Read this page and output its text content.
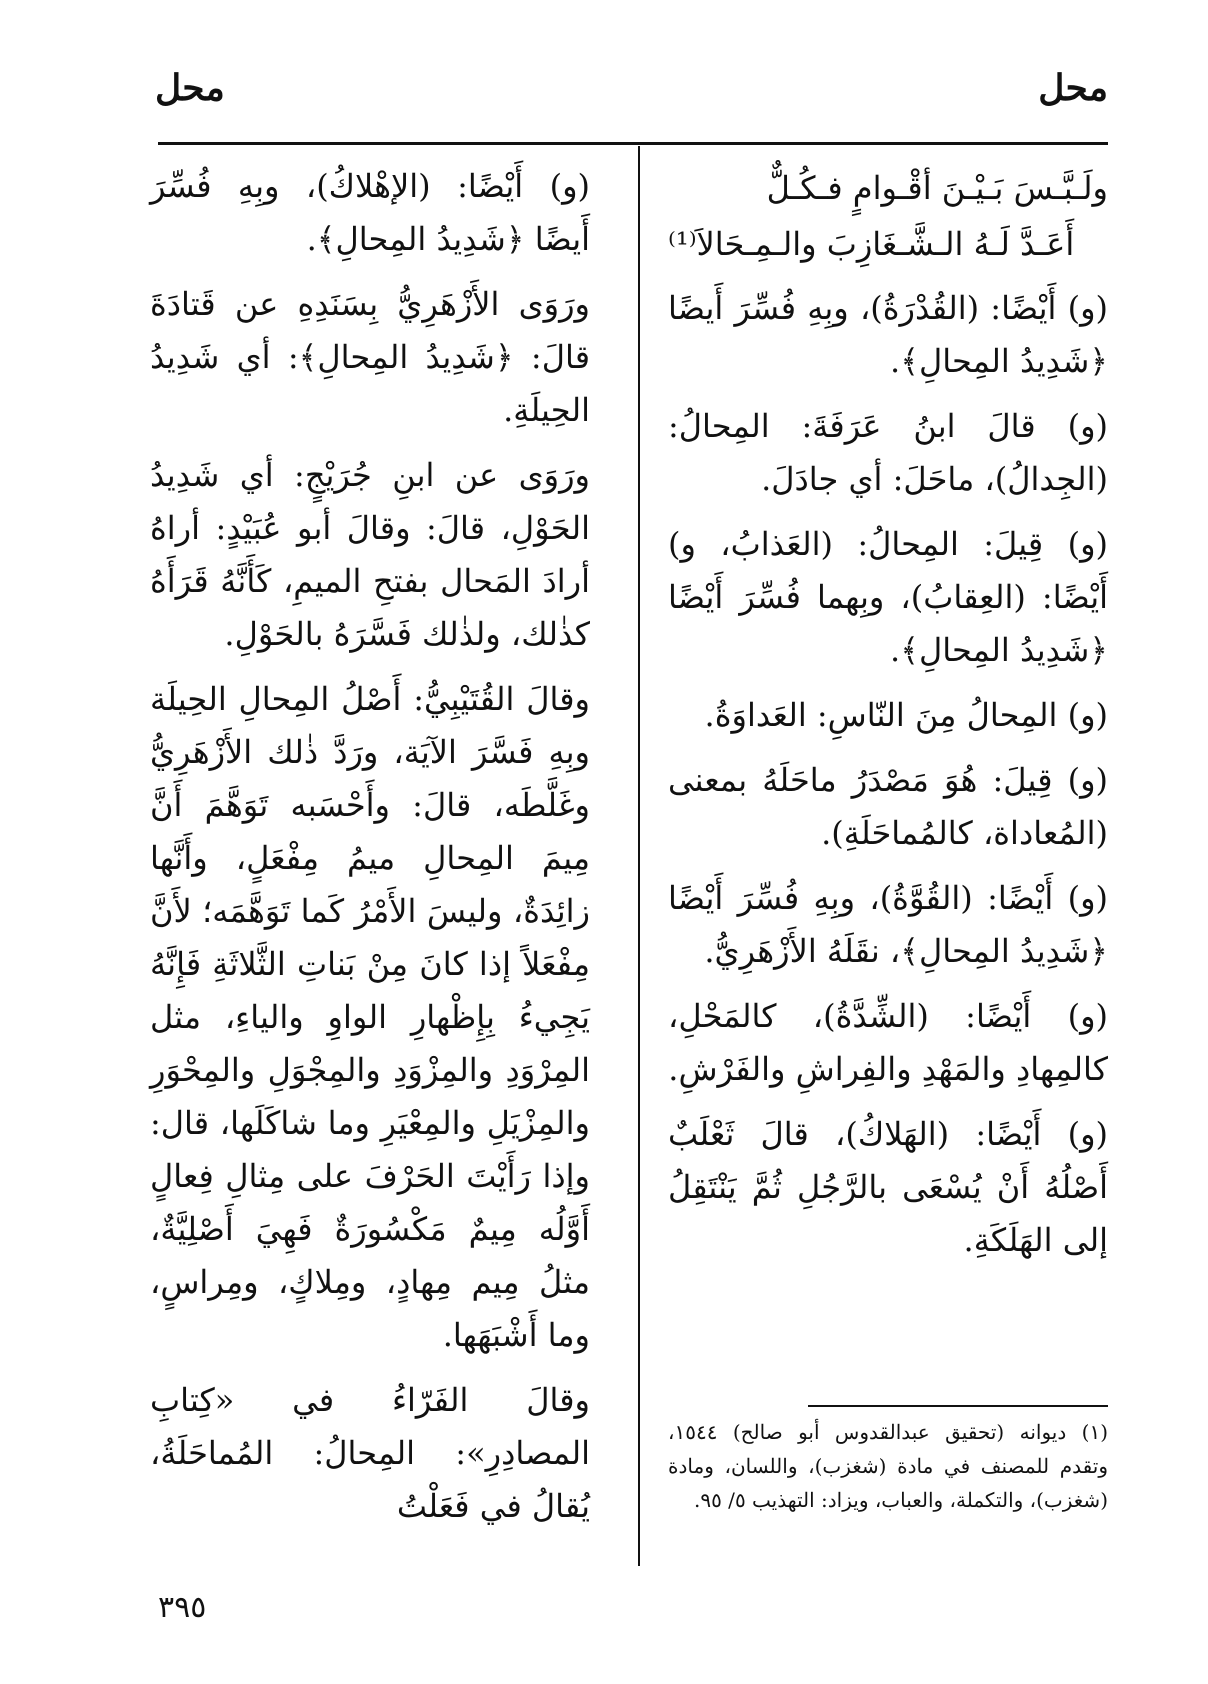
محل
محل
ولَـبَّـسَ بَـيْـنَ أقْـوامٍ فـكُـلٌّ
أَعَـدَّ لَـهُ الـشَّـغَازِبَ والـمِـحَالاَ⁽¹⁾

(و) أَيْضًا: (القُدْرَةُ)، وبِهِ فُسِّرَ أَيضًا ﴿شَدِيدُ المِحالِ﴾.

(و) قالَ ابنُ عَرَفَةَ: المِحالُ: (الجِدالُ)، ماحَلَ: أي جادَلَ.

(و) قِيلَ: المِحالُ: (العَذابُ، و) أَيْضًا: (العِقابُ)، وبِهما فُسِّرَ أَيْضًا ﴿شَدِيدُ المِحالِ﴾.

(و) المِحالُ مِنَ النّاسِ: العَداوَةُ.

(و) قِيلَ: هُوَ مَصْدَرُ ماحَلَهُ بمعنى (المُعاداة، كالمُماحَلَةِ).

(و) أَيْضًا: (القُوَّةُ)، وبِهِ فُسِّرَ أَيْضًا ﴿شَدِيدُ المِحالِ﴾، نقَلَهُ الأَزْهَرِيُّ.

(و) أَيْضًا: (الشِّدَّةُ)، كالمَحْلِ، كالمِهادِ والمَهْدِ والفِراشِ والفَرْشِ.

(و) أَيْضًا: (الهَلاكُ)، قالَ ثَعْلَبٌ أَصْلُهُ أَنْ يُسْعَى بالرَّجُلِ ثُمَّ يَنْتَقِلُ إلى الهَلَكَةِ.

(و) أَيْضًا: (الإهْلاكُ)، وبِهِ فُسِّرَ أَيضًا ﴿شَدِيدُ المِحالِ﴾.

ورَوَى الأَزْهَرِيُّ بِسَنَدِهِ عن قَتادَةَ قالَ: ﴿شَدِيدُ المِحالِ﴾: أي شَدِيدُ الحِيلَةِ.

ورَوَى عن ابنِ جُرَيْجٍ: أي شَدِيدُ الحَوْلِ، قالَ: وقالَ أبو عُبَيْدٍ: أراهُ أرادَ المَحال بفتحِ الميمِ، كَأَنَّهُ قَرَأَهُ كذٰلك، ولذٰلك فَسَّرَهُ بالحَوْلِ.

وقالَ القُتَيْبِيُّ: أَصْلُ المِحالِ الحِيلَة وبِهِ فَسَّرَ الآيَة، ورَدَّ ذٰلك الأَزْهَرِيُّ وغَلَّطَه، قالَ: وأَحْسَبه تَوَهَّمَ أَنَّ مِيمَ المِحالِ ميمُ مِفْعَلٍ، وأَنَّها زائِدَةٌ، وليسَ الأَمْرُ كَما تَوَهَّمَه؛ لأَنَّ مِفْعَلاً إذا كانَ مِنْ بَناتِ الثَّلاثَةِ فَإِنَّهُ يَجِيءُ بِإِظْهارِ الواوِ والياءِ، مثل المِرْوَدِ والمِزْوَدِ والمِجْوَلِ والمِحْوَرِ والمِزْيَلِ والمِعْيَرِ وما شاكَلَها، قال: وإذا رَأَيْتَ الحَرْفَ على مِثالِ فِعالٍ أَوَّلُه مِيمٌ مَكْسُورَةٌ فَهِيَ أَصْلِيَّةٌ، مثلُ مِيم مِهادٍ، ومِلاكٍ، ومِراسٍ، وما أَشْبَهَها.

وقالَ الفَرّاءُ في «كِتابِ المصادِرِ»: المِحالُ: المُماحَلَةُ، يُقالُ في فَعَلْتُ

(١) ديوانه (تحقيق عبدالقدوس أبو صالح) ١٥٤٤، وتقدم للمصنف في مادة (شغزب)، واللسان، ومادة (شغزب)، والتكملة، والعباب، ويزاد: التهذيب ٥/ ٩٥.
٣٩٥
